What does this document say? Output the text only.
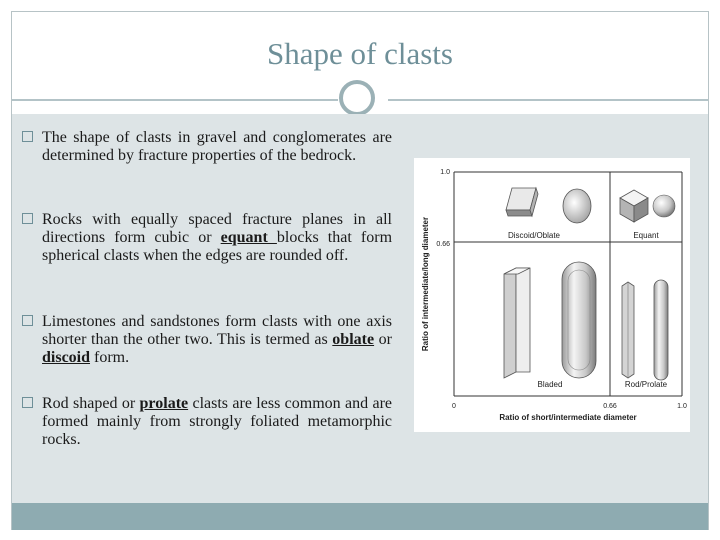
Shape of clasts
The shape of clasts in gravel and conglomerates are determined by fracture properties of the bedrock.
Rocks with equally spaced fracture planes in all directions form cubic or equant blocks that form spherical clasts when the edges are rounded off.
Limestones and sandstones form clasts with one axis shorter than the other two. This is termed as oblate or discoid form.
Rod shaped or prolate clasts are less common and are formed mainly from strongly foliated metamorphic rocks.
Discoid/Oblate	Equant
Bladed	Rod/Prolate
1.0
0.66
0	0.66	1.0
Ratio of short/intermediate diameter
Ratio of intermediate/long diameter
